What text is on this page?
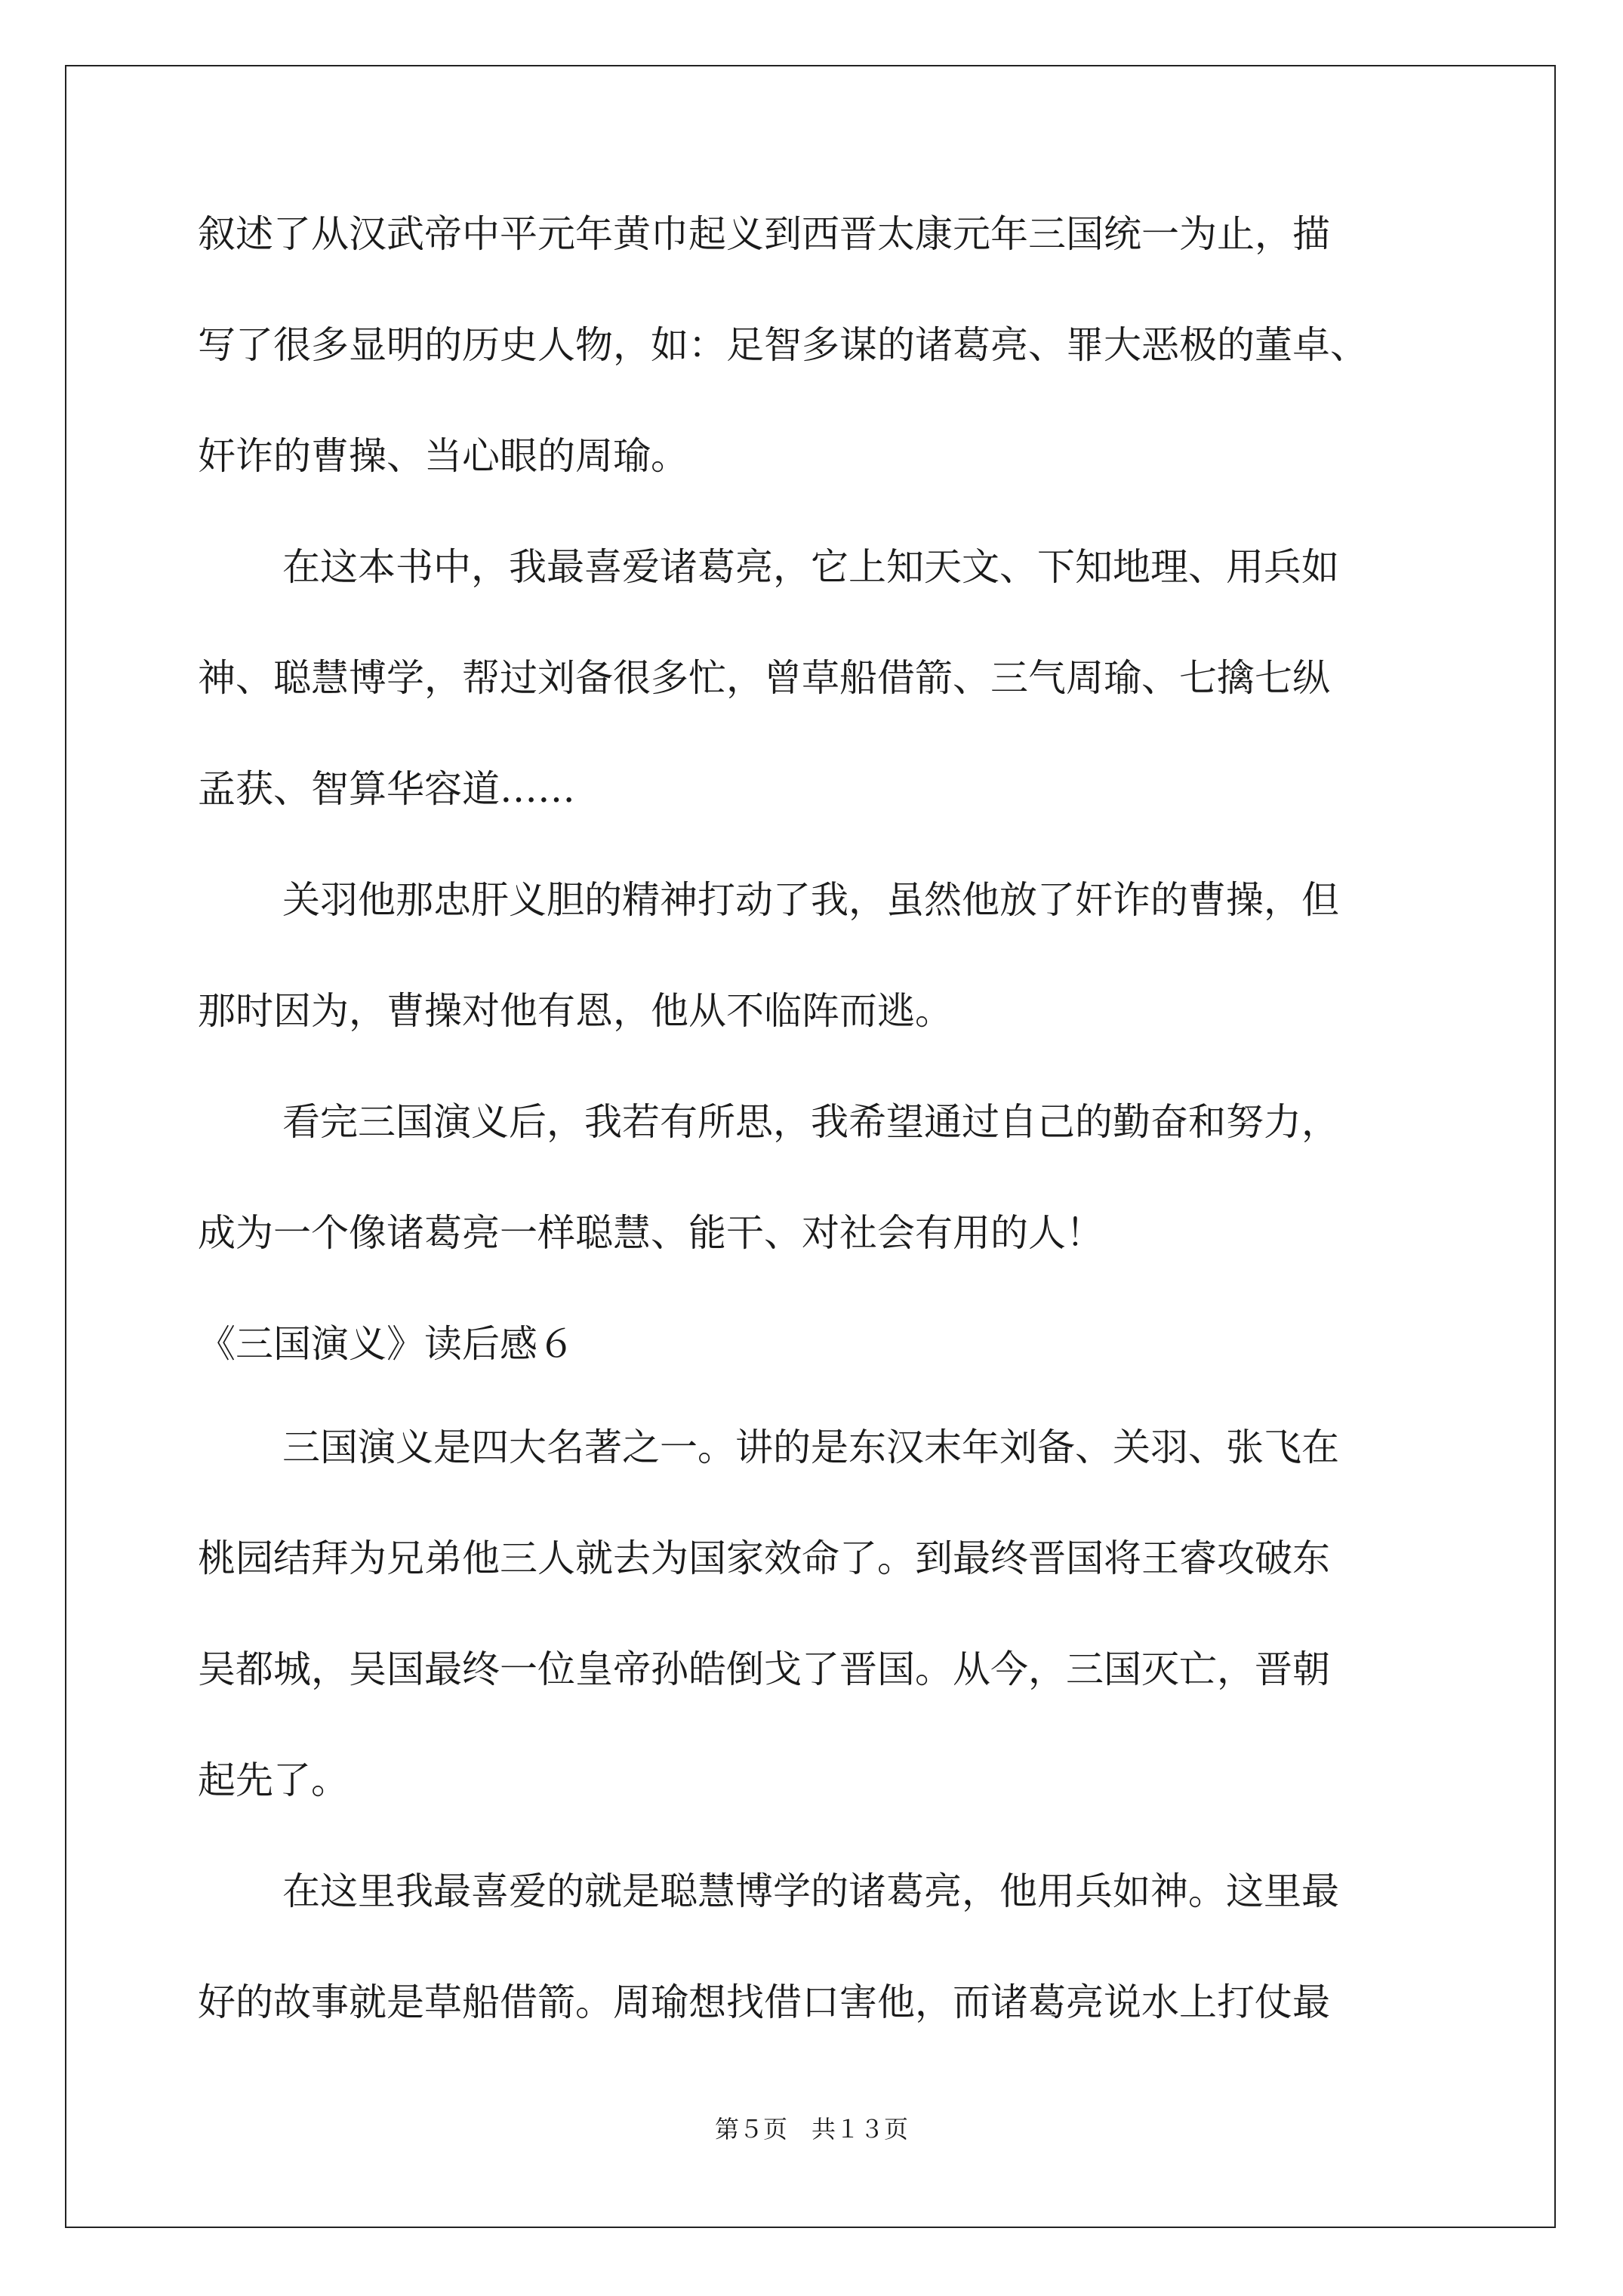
叙述了从汉武帝中平元年黄巾起义到西晋太康元年三国统一为止，描
写了很多显明的历史人物，如：足智多谋的诸葛亮、罪大恶极的董卓、
奸诈的曹操、当心眼的周瑜。
在这本书中，我最喜爱诸葛亮，它上知天文、下知地理、用兵如
神、聪慧博学，帮过刘备很多忙，曾草船借箭、三气周瑜、七擒七纵
孟获、智算华容道……
关羽他那忠肝义胆的精神打动了我，虽然他放了奸诈的曹操，但
那时因为，曹操对他有恩，他从不临阵而逃。
看完三国演义后，我若有所思，我希望通过自己的勤奋和努力，
成为一个像诸葛亮一样聪慧、能干、对社会有用的人！
《三国演义》读后感６
三国演义是四大名著之一。讲的是东汉末年刘备、关羽、张飞在
桃园结拜为兄弟他三人就去为国家效命了。到最终晋国将王睿攻破东
吴都城，吴国最终一位皇帝孙皓倒戈了晋国。从今，三国灭亡，晋朝
起先了。
在这里我最喜爱的就是聪慧博学的诸葛亮，他用兵如神。这里最
好的故事就是草船借箭。周瑜想找借口害他，而诸葛亮说水上打仗最
第５页　共１３页
